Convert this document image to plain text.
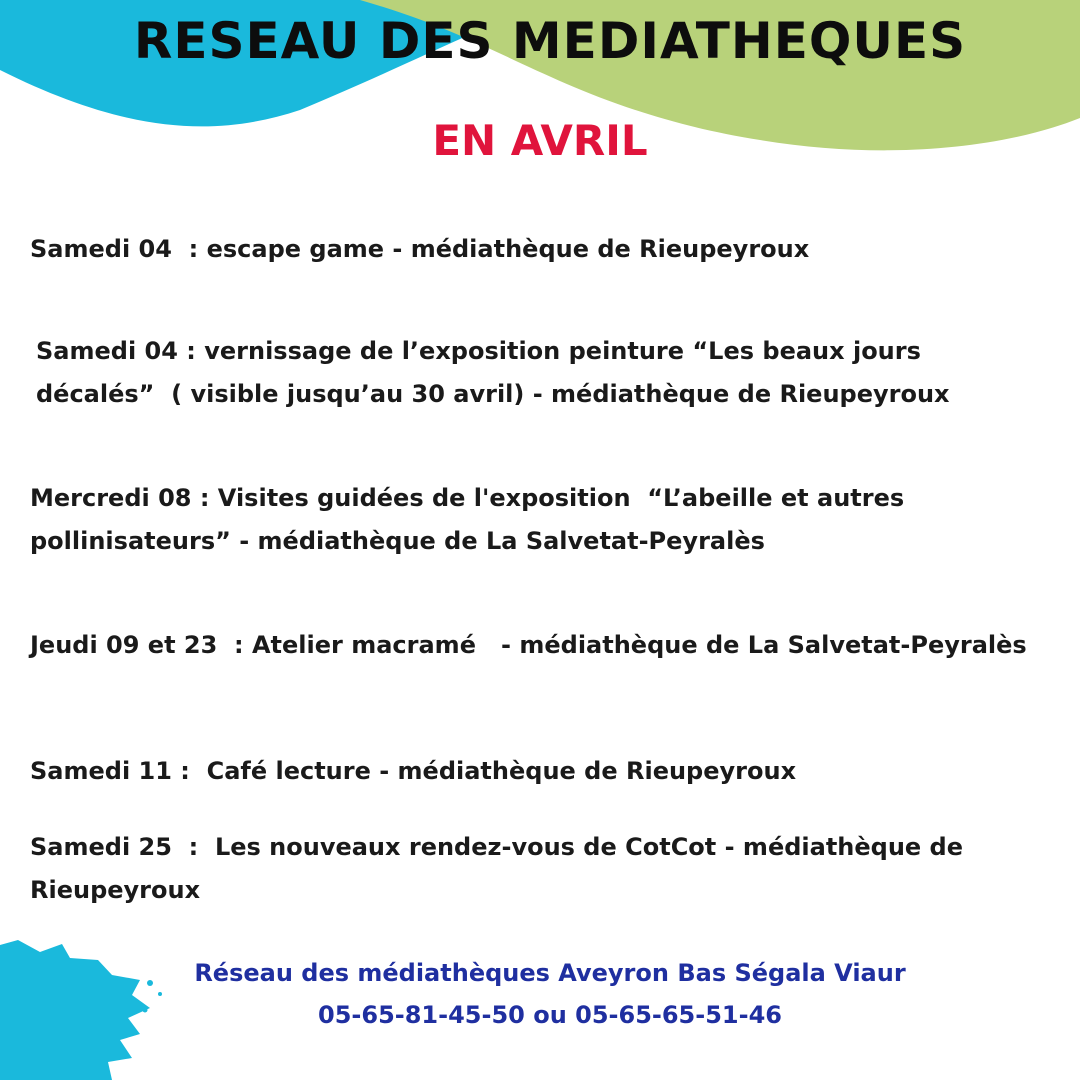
RESEAU DES MEDIATHEQUES
EN AVRIL

Samedi 04  : escape game - médiathèque de Rieupeyroux

Samedi 04 : vernissage de l’exposition peinture “Les beaux jours décalés”  ( visible jusqu’au 30 avril) - médiathèque de Rieupeyroux

Mercredi 08 : Visites guidées de l'exposition  “L’abeille et autres pollinisateurs” - médiathèque de La Salvetat-Peyralès

Jeudi 09 et 23  : Atelier macramé   - médiathèque de La Salvetat-Peyralès

Samedi 11 :  Café lecture - médiathèque de Rieupeyroux

Samedi 25  :  Les nouveaux rendez-vous de CotCot - médiathèque de Rieupeyroux

Réseau des médiathèques Aveyron Bas Ségala Viaur
05-65-81-45-50 ou 05-65-65-51-46
